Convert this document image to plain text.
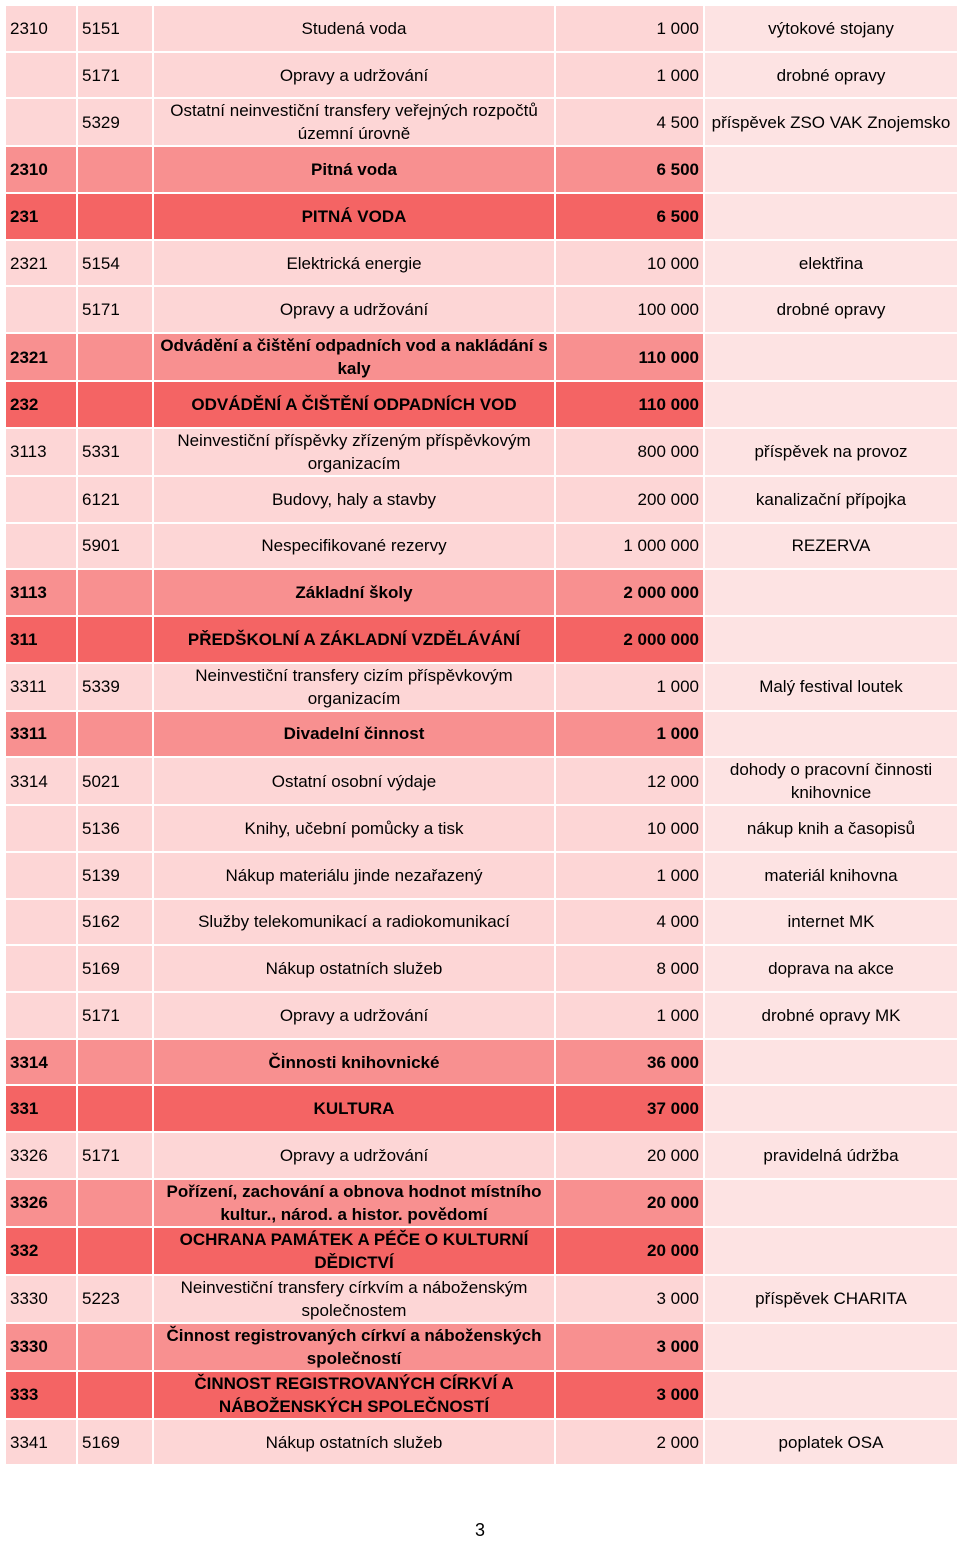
2310	5151	Studená voda	1 000	výtokové stojany
	5171	Opravy a udržování	1 000	drobné opravy
	5329	Ostatní neinvestiční transfery veřejných rozpočtů územní úrovně	4 500	příspěvek ZSO VAK Znojemsko
2310		Pitná voda	6 500	
231		PITNÁ VODA	6 500	
2321	5154	Elektrická energie	10 000	elektřina
	5171	Opravy a udržování	100 000	drobné opravy
2321		Odvádění a čištění odpadních vod a nakládání s kaly	110 000	
232		ODVÁDĚNÍ A ČIŠTĚNÍ ODPADNÍCH VOD	110 000	
3113	5331	Neinvestiční příspěvky zřízeným příspěvkovým organizacím	800 000	příspěvek na provoz
	6121	Budovy, haly a stavby	200 000	kanalizační přípojka
	5901	Nespecifikované rezervy	1 000 000	REZERVA
3113		Základní školy	2 000 000	
311		PŘEDŠKOLNÍ A ZÁKLADNÍ VZDĚLÁVÁNÍ	2 000 000	
3311	5339	Neinvestiční transfery cizím příspěvkovým organizacím	1 000	Malý festival loutek
3311		Divadelní činnost	1 000	
3314	5021	Ostatní osobní výdaje	12 000	dohody o pracovní činnosti knihovnice
	5136	Knihy, učební pomůcky a tisk	10 000	nákup knih a časopisů
	5139	Nákup materiálu jinde nezařazený	1 000	materiál knihovna
	5162	Služby telekomunikací a radiokomunikací	4 000	internet MK
	5169	Nákup ostatních služeb	8 000	doprava na akce
	5171	Opravy a udržování	1 000	drobné opravy MK
3314		Činnosti knihovnické	36 000	
331		KULTURA	37 000	
3326	5171	Opravy a udržování	20 000	pravidelná údržba
3326		Pořízení, zachování a obnova hodnot místního kultur., národ. a histor. povědomí	20 000	
332		OCHRANA PAMÁTEK A PÉČE O KULTURNÍ DĚDICTVÍ	20 000	
3330	5223	Neinvestiční transfery církvím a náboženským společnostem	3 000	příspěvek CHARITA
3330		Činnost registrovaných církví a náboženských společností	3 000	
333		ČINNOST REGISTROVANÝCH CÍRKVÍ A NÁBOŽENSKÝCH SPOLEČNOSTÍ	3 000	
3341	5169	Nákup ostatních služeb	2 000	poplatek OSA
3
